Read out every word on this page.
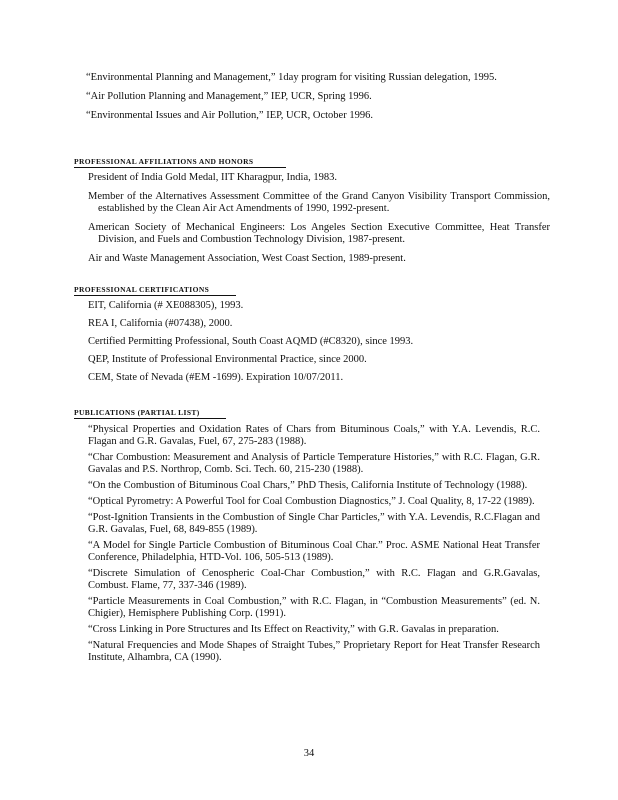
“Environmental Planning and Management,” 1day program for visiting Russian delegation, 1995.
“Air Pollution Planning and Management,” IEP, UCR, Spring 1996.
“Environmental Issues and Air Pollution,” IEP, UCR, October 1996.
PROFESSIONAL AFFILIATIONS AND HONORS
President of India Gold Medal, IIT Kharagpur, India, 1983.
Member of the Alternatives Assessment Committee of the Grand Canyon Visibility Transport Commission, established by the Clean Air Act Amendments of 1990, 1992-present.
American Society of Mechanical Engineers: Los Angeles Section Executive Committee, Heat Transfer Division, and Fuels and Combustion Technology Division, 1987-present.
Air and Waste Management Association, West Coast Section, 1989-present.
PROFESSIONAL CERTIFICATIONS
EIT, California (# XE088305), 1993.
REA I, California (#07438), 2000.
Certified Permitting Professional, South Coast AQMD (#C8320), since 1993.
QEP, Institute of Professional Environmental Practice, since 2000.
CEM, State of Nevada (#EM -1699). Expiration 10/07/2011.
PUBLICATIONS (PARTIAL LIST)
“Physical Properties and Oxidation Rates of Chars from Bituminous Coals,” with Y.A. Levendis, R.C. Flagan and G.R. Gavalas, Fuel, 67, 275-283 (1988).
“Char Combustion: Measurement and Analysis of Particle Temperature Histories,” with R.C. Flagan, G.R. Gavalas and P.S. Northrop, Comb. Sci. Tech. 60, 215-230 (1988).
“On the Combustion of Bituminous Coal Chars,” PhD Thesis, California Institute of Technology (1988).
“Optical Pyrometry: A Powerful Tool for Coal Combustion Diagnostics,” J. Coal Quality, 8, 17-22 (1989).
“Post-Ignition Transients in the Combustion of Single Char Particles,” with Y.A. Levendis, R.C.Flagan and G.R. Gavalas, Fuel, 68, 849-855 (1989).
“A Model for Single Particle Combustion of Bituminous Coal Char.” Proc. ASME National Heat Transfer Conference, Philadelphia, HTD-Vol. 106, 505-513 (1989).
“Discrete Simulation of Cenospheric Coal-Char Combustion,” with R.C. Flagan and G.R.Gavalas, Combust. Flame, 77, 337-346 (1989).
“Particle Measurements in Coal Combustion,” with R.C. Flagan, in “Combustion Measurements” (ed. N. Chigier), Hemisphere Publishing Corp. (1991).
“Cross Linking in Pore Structures and Its Effect on Reactivity,” with G.R. Gavalas in preparation.
“Natural Frequencies and Mode Shapes of Straight Tubes,” Proprietary Report for Heat Transfer Research Institute, Alhambra, CA (1990).
34
